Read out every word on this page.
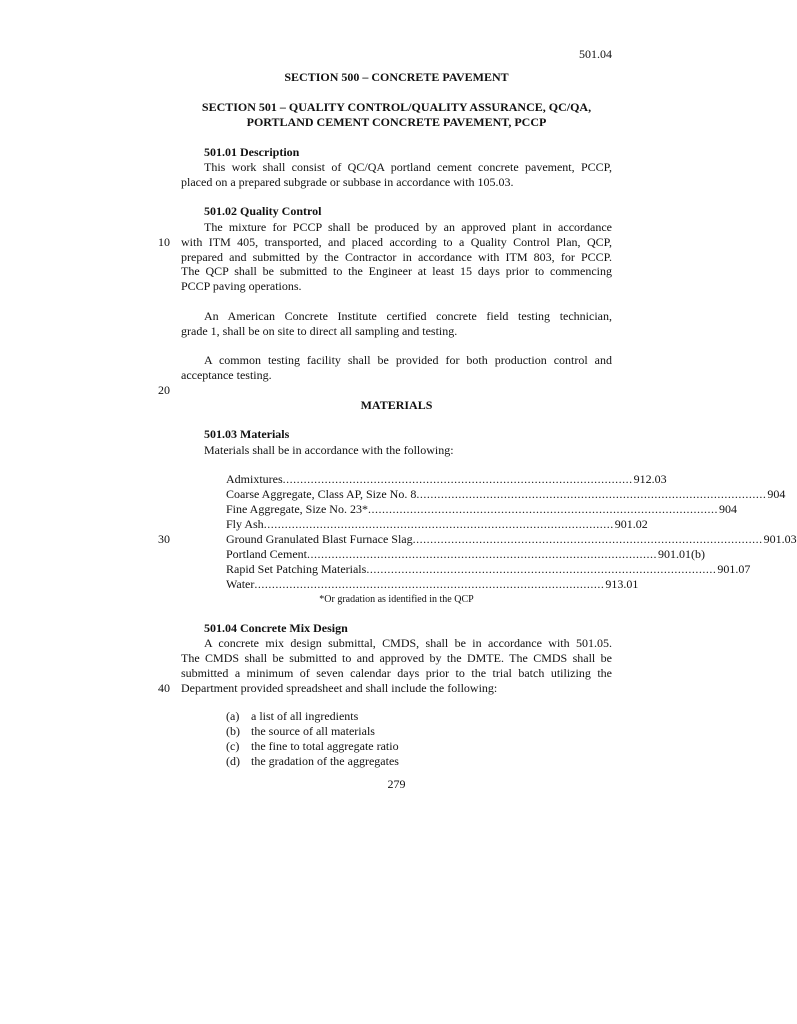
501.04
SECTION 500 – CONCRETE PAVEMENT
SECTION 501 – QUALITY CONTROL/QUALITY ASSURANCE, QC/QA,
PORTLAND CEMENT CONCRETE PAVEMENT, PCCP
501.01 Description
This work shall consist of QC/QA portland cement concrete pavement, PCCP,
placed on a prepared subgrade or subbase in accordance with 105.03.
501.02 Quality Control
The mixture for PCCP shall be produced by an approved plant in accordance
with ITM 405, transported, and placed according to a Quality Control Plan, QCP,
prepared and submitted by the Contractor in accordance with ITM 803, for PCCP.
The QCP shall be submitted to the Engineer at least 15 days prior to commencing
PCCP paving operations.
An American Concrete Institute certified concrete field testing technician,
grade 1, shall be on site to direct all sampling and testing.
A common testing facility shall be provided for both production control and
acceptance testing.
MATERIALS
501.03 Materials
Materials shall be in accordance with the following:
Admixtures .................................................................................................... 912.03
Coarse Aggregate, Class AP, Size No. 8 .................................................................................................... 904
Fine Aggregate, Size No. 23* .................................................................................................... 904
Fly Ash .................................................................................................... 901.02
Ground Granulated Blast Furnace Slag .................................................................................................... 901.03
Portland Cement .................................................................................................... 901.01(b)
Rapid Set Patching Materials .................................................................................................... 901.07
Water .................................................................................................... 913.01
*Or gradation as identified in the QCP
501.04 Concrete Mix Design
A concrete mix design submittal, CMDS, shall be in accordance with 501.05.
The CMDS shall be submitted to and approved by the DMTE. The CMDS shall be
submitted a minimum of seven calendar days prior to the trial batch utilizing the
Department provided spreadsheet and shall include the following:
(a) a list of all ingredients
(b) the source of all materials
(c) the fine to total aggregate ratio
(d) the gradation of the aggregates
10
20
30
40
279
